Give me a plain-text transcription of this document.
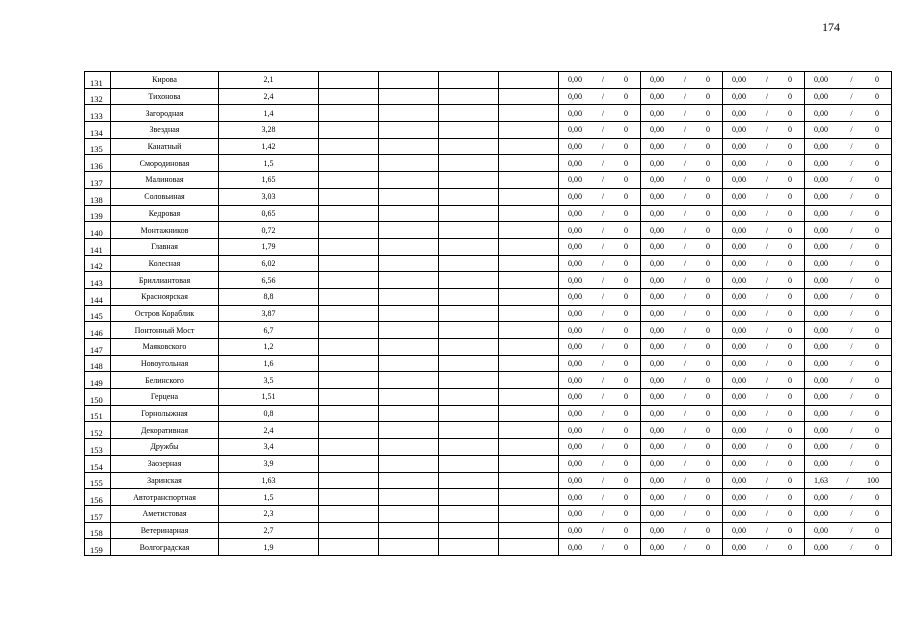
174
131	Кирова	2,1					0,00 / 0	0,00 / 0	0,00 / 0	0,00 / 0

132	Тихонова	2,4					0,00 / 0	0,00 / 0	0,00 / 0	0,00 / 0

133	Загородная	1,4					0,00 / 0	0,00 / 0	0,00 / 0	0,00 / 0

134	Звездная	3,28					0,00 / 0	0,00 / 0	0,00 / 0	0,00 / 0

135	Канатный	1,42					0,00 / 0	0,00 / 0	0,00 / 0	0,00 / 0

136	Смородиновая	1,5					0,00 / 0	0,00 / 0	0,00 / 0	0,00 / 0

137	Малиновая	1,65					0,00 / 0	0,00 / 0	0,00 / 0	0,00 / 0

138	Соловьиная	3,03					0,00 / 0	0,00 / 0	0,00 / 0	0,00 / 0

139	Кедровая	0,65					0,00 / 0	0,00 / 0	0,00 / 0	0,00 / 0

140	Монтажников	0,72					0,00 / 0	0,00 / 0	0,00 / 0	0,00 / 0

141	Главная	1,79					0,00 / 0	0,00 / 0	0,00 / 0	0,00 / 0

142	Колесная	6,02					0,00 / 0	0,00 / 0	0,00 / 0	0,00 / 0

143	Бриллиантовая	6,56					0,00 / 0	0,00 / 0	0,00 / 0	0,00 / 0

144	Красноярская	8,8					0,00 / 0	0,00 / 0	0,00 / 0	0,00 / 0

145	Остров Кораблик	3,87					0,00 / 0	0,00 / 0	0,00 / 0	0,00 / 0

146	Понтонный Мост	6,7					0,00 / 0	0,00 / 0	0,00 / 0	0,00 / 0

147	Маяковского	1,2					0,00 / 0	0,00 / 0	0,00 / 0	0,00 / 0

148	Новоугольная	1,6					0,00 / 0	0,00 / 0	0,00 / 0	0,00 / 0

149	Белинского	3,5					0,00 / 0	0,00 / 0	0,00 / 0	0,00 / 0

150	Герцена	1,51					0,00 / 0	0,00 / 0	0,00 / 0	0,00 / 0

151	Горнолыжная	0,8					0,00 / 0	0,00 / 0	0,00 / 0	0,00 / 0

152	Декоративная	2,4					0,00 / 0	0,00 / 0	0,00 / 0	0,00 / 0

153	Дружбы	3,4					0,00 / 0	0,00 / 0	0,00 / 0	0,00 / 0

154	Заозерная	3,9					0,00 / 0	0,00 / 0	0,00 / 0	0,00 / 0

155	Заринская	1,63					0,00 / 0	0,00 / 0	0,00 / 0	1,63 / 100

156	Автотранспортная	1,5					0,00 / 0	0,00 / 0	0,00 / 0	0,00 / 0

157	Аметистовая	2,3					0,00 / 0	0,00 / 0	0,00 / 0	0,00 / 0

158	Ветеринарная	2,7					0,00 / 0	0,00 / 0	0,00 / 0	0,00 / 0

159	Волгоградская	1,9					0,00 / 0	0,00 / 0	0,00 / 0	0,00 / 0
